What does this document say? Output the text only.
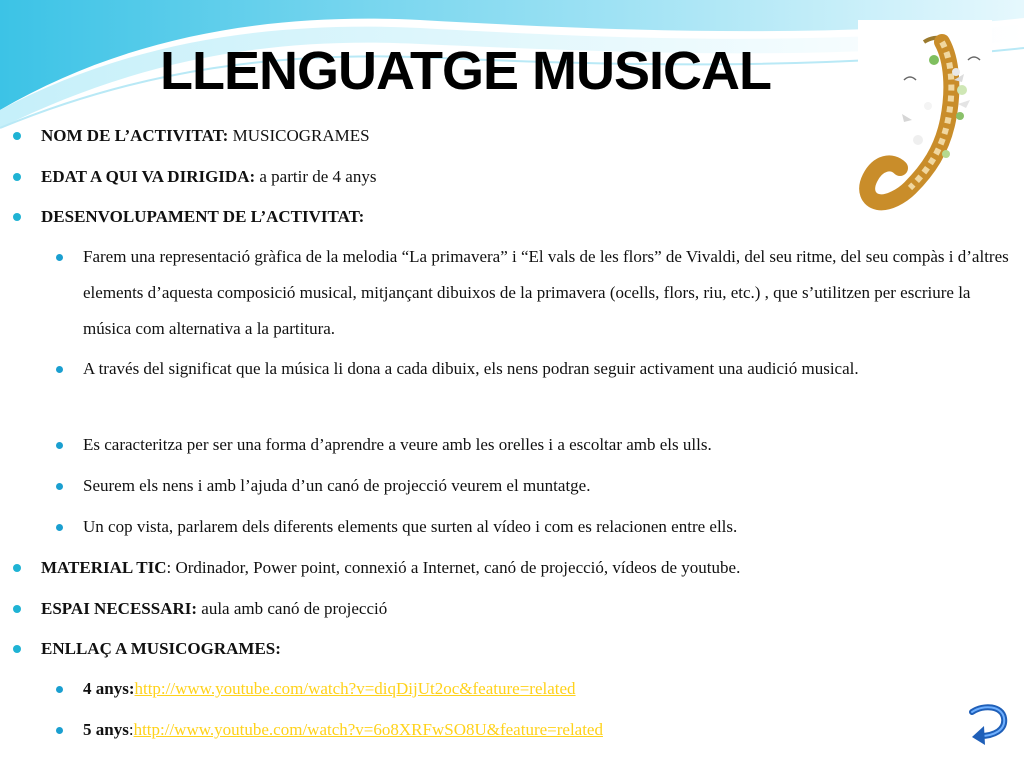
LLENGUATGE MUSICAL
NOM DE L’ACTIVITAT: MUSICOGRAMES
EDAT A QUI VA DIRIGIDA: a partir de 4 anys
DESENVOLUPAMENT DE L’ACTIVITAT:
Farem una representació gràfica de la melodia “La primavera” i “El vals de les flors” de Vivaldi, del seu ritme, del seu compàs i d’altres elements d’aquesta composició musical, mitjançant dibuixos de la primavera (ocells, flors, riu, etc.) , que s’utilitzen per escriure la música com alternativa a la partitura.
A través del significat que la música li dona a cada dibuix, els nens podran seguir activament una audició musical.
Es caracteritza per ser una forma d’aprendre a veure amb les orelles i a escoltar amb els ulls.
Seurem els nens i amb l’ajuda d’un canó de projecció veurem el muntatge.
Un cop vista, parlarem dels diferents elements que surten al vídeo i com es relacionen entre ells.
MATERIAL TIC: Ordinador, Power point, connexió a Internet, canó de projecció, vídeos de youtube.
ESPAI NECESSARI: aula amb canó de projecció
ENLLAÇ A MUSICOGRAMES:
4 anys:http://www.youtube.com/watch?v=diqDijUt2oc&feature=related
5 anys:http://www.youtube.com/watch?v=6o8XRFwSO8U&feature=related
